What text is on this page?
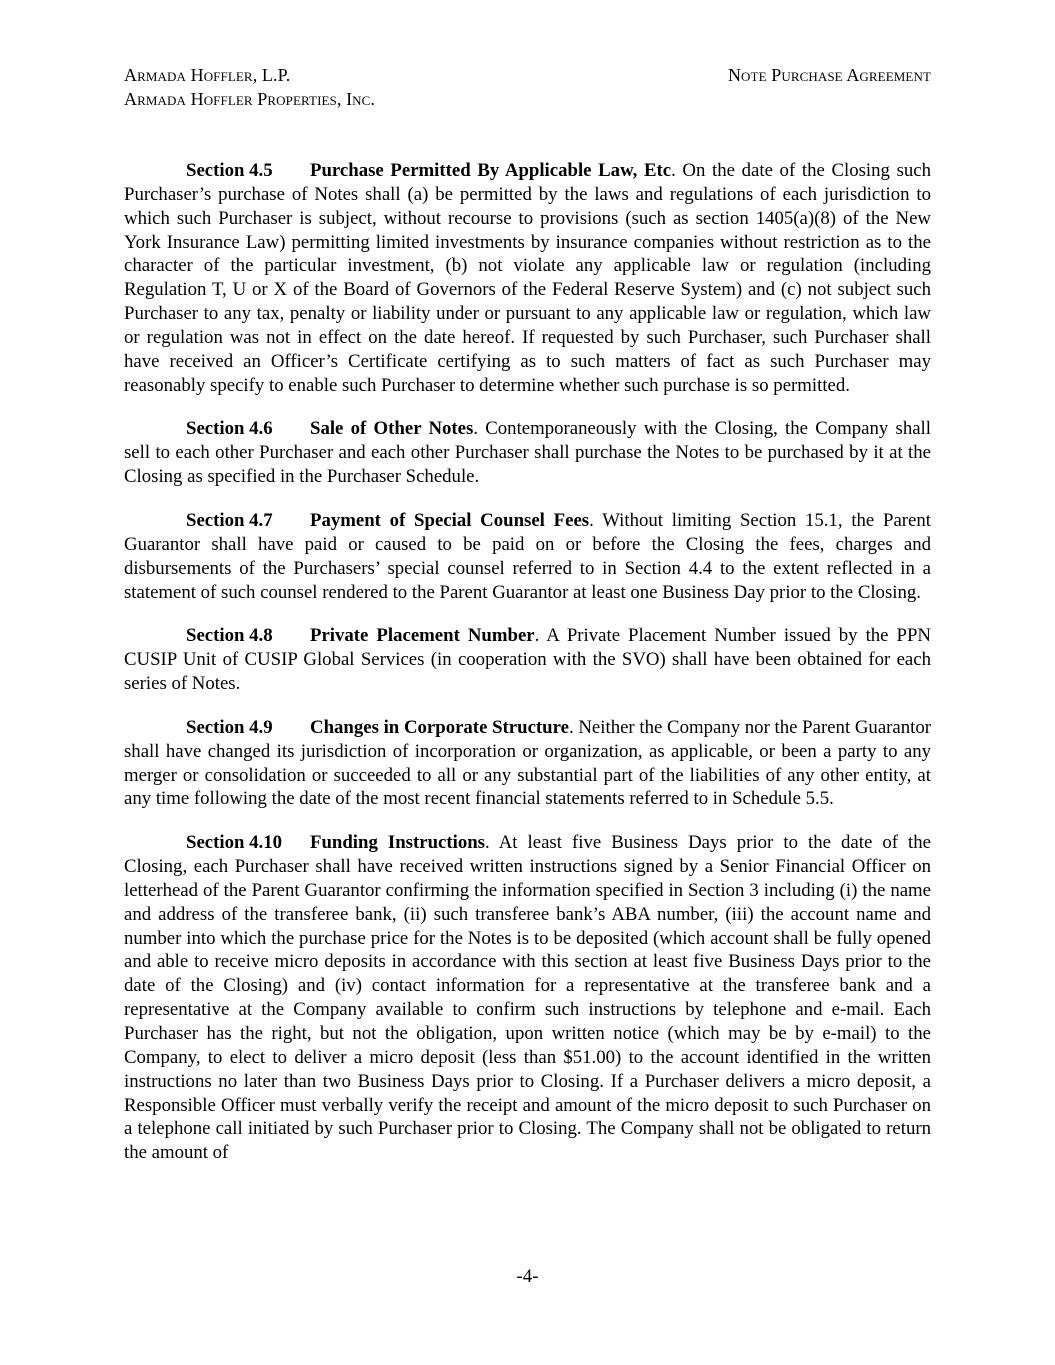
Armada Hoffler, L.P.
Armada Hoffler Properties, Inc.
Note Purchase Agreement

Section 4.5 Purchase Permitted By Applicable Law, Etc. On the date of the Closing such Purchaser’s purchase of Notes shall (a) be permitted by the laws and regulations of each jurisdiction to which such Purchaser is subject, without recourse to provisions (such as section 1405(a)(8) of the New York Insurance Law) permitting limited investments by insurance companies without restriction as to the character of the particular investment, (b) not violate any applicable law or regulation (including Regulation T, U or X of the Board of Governors of the Federal Reserve System) and (c) not subject such Purchaser to any tax, penalty or liability under or pursuant to any applicable law or regulation, which law or regulation was not in effect on the date hereof. If requested by such Purchaser, such Purchaser shall have received an Officer’s Certificate certifying as to such matters of fact as such Purchaser may reasonably specify to enable such Purchaser to determine whether such purchase is so permitted.

Section 4.6 Sale of Other Notes. Contemporaneously with the Closing, the Company shall sell to each other Purchaser and each other Purchaser shall purchase the Notes to be purchased by it at the Closing as specified in the Purchaser Schedule.

Section 4.7 Payment of Special Counsel Fees. Without limiting Section 15.1, the Parent Guarantor shall have paid or caused to be paid on or before the Closing the fees, charges and disbursements of the Purchasers’ special counsel referred to in Section 4.4 to the extent reflected in a statement of such counsel rendered to the Parent Guarantor at least one Business Day prior to the Closing.

Section 4.8 Private Placement Number. A Private Placement Number issued by the PPN CUSIP Unit of CUSIP Global Services (in cooperation with the SVO) shall have been obtained for each series of Notes.

Section 4.9 Changes in Corporate Structure. Neither the Company nor the Parent Guarantor shall have changed its jurisdiction of incorporation or organization, as applicable, or been a party to any merger or consolidation or succeeded to all or any substantial part of the liabilities of any other entity, at any time following the date of the most recent financial statements referred to in Schedule 5.5.

Section 4.10 Funding Instructions. At least five Business Days prior to the date of the Closing, each Purchaser shall have received written instructions signed by a Senior Financial Officer on letterhead of the Parent Guarantor confirming the information specified in Section 3 including (i) the name and address of the transferee bank, (ii) such transferee bank’s ABA number, (iii) the account name and number into which the purchase price for the Notes is to be deposited (which account shall be fully opened and able to receive micro deposits in accordance with this section at least five Business Days prior to the date of the Closing) and (iv) contact information for a representative at the transferee bank and a representative at the Company available to confirm such instructions by telephone and e-mail. Each Purchaser has the right, but not the obligation, upon written notice (which may be by e-mail) to the Company, to elect to deliver a micro deposit (less than $51.00) to the account identified in the written instructions no later than two Business Days prior to Closing. If a Purchaser delivers a micro deposit, a Responsible Officer must verbally verify the receipt and amount of the micro deposit to such Purchaser on a telephone call initiated by such Purchaser prior to Closing. The Company shall not be obligated to return the amount of

-4-
